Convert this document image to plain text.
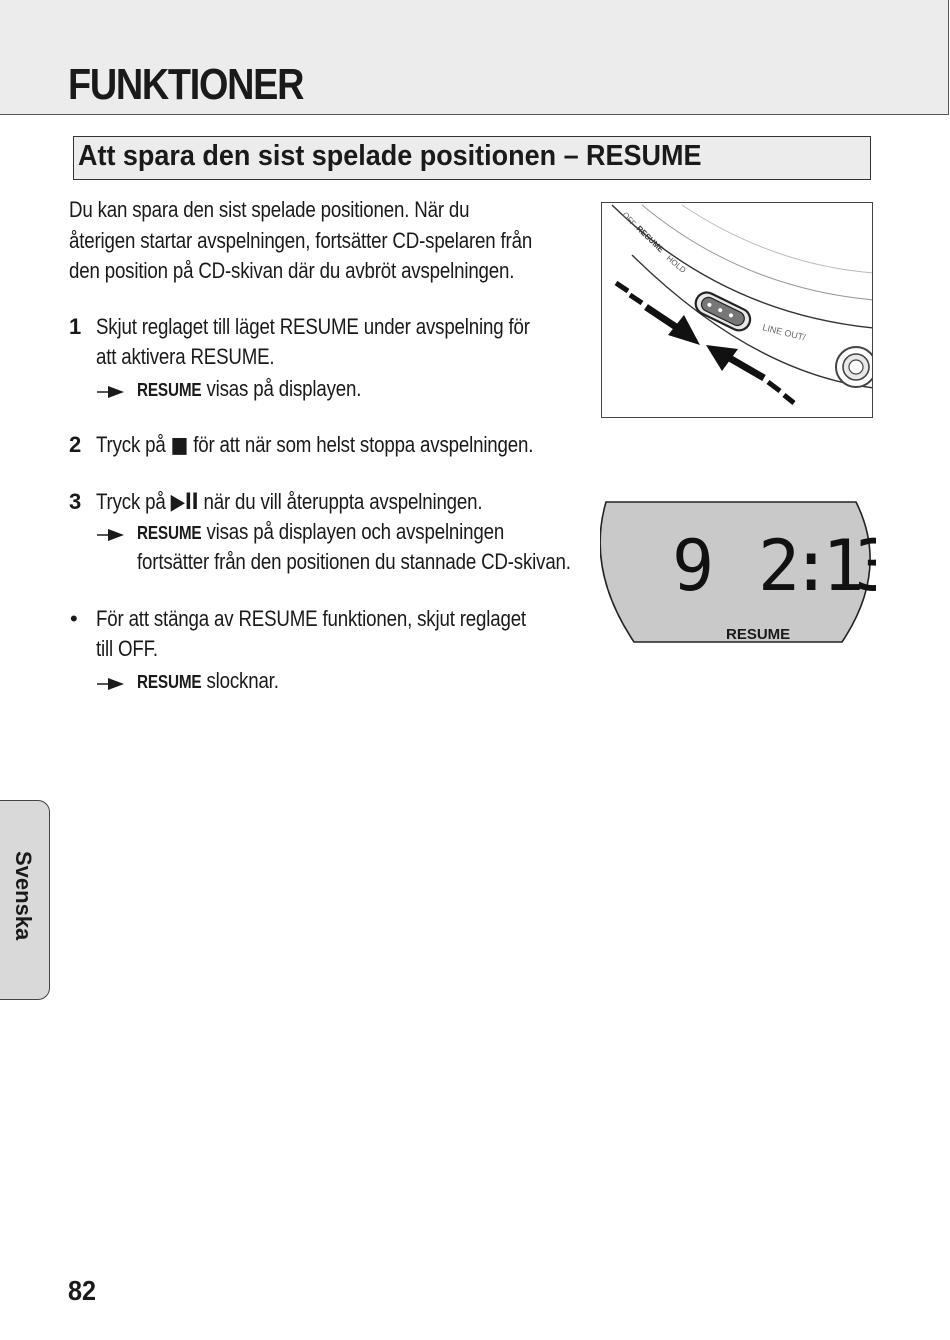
FUNKTIONER
Att spara den sist spelade positionen – RESUME
Du kan spara den sist spelade positionen. När du
återigen startar avspelningen, fortsätter CD-spelaren från
den position på CD-skivan där du avbröt avspelningen.
1 Skjut reglaget till läget RESUME under avspelning för
att aktivera RESUME.
RESUME visas på displayen.
2 Tryck på ■ för att när som helst stoppa avspelningen.
3 Tryck på ▶II när du vill återuppta avspelningen.
RESUME visas på displayen och avspelningen
fortsätter från den positionen du stannade CD-skivan.
• För att stänga av RESUME funktionen, skjut reglaget
till OFF.
RESUME slocknar.
OFF
RESUME
HOLD
LINE OUT/
9 2:13
RESUME
Svenska
82
